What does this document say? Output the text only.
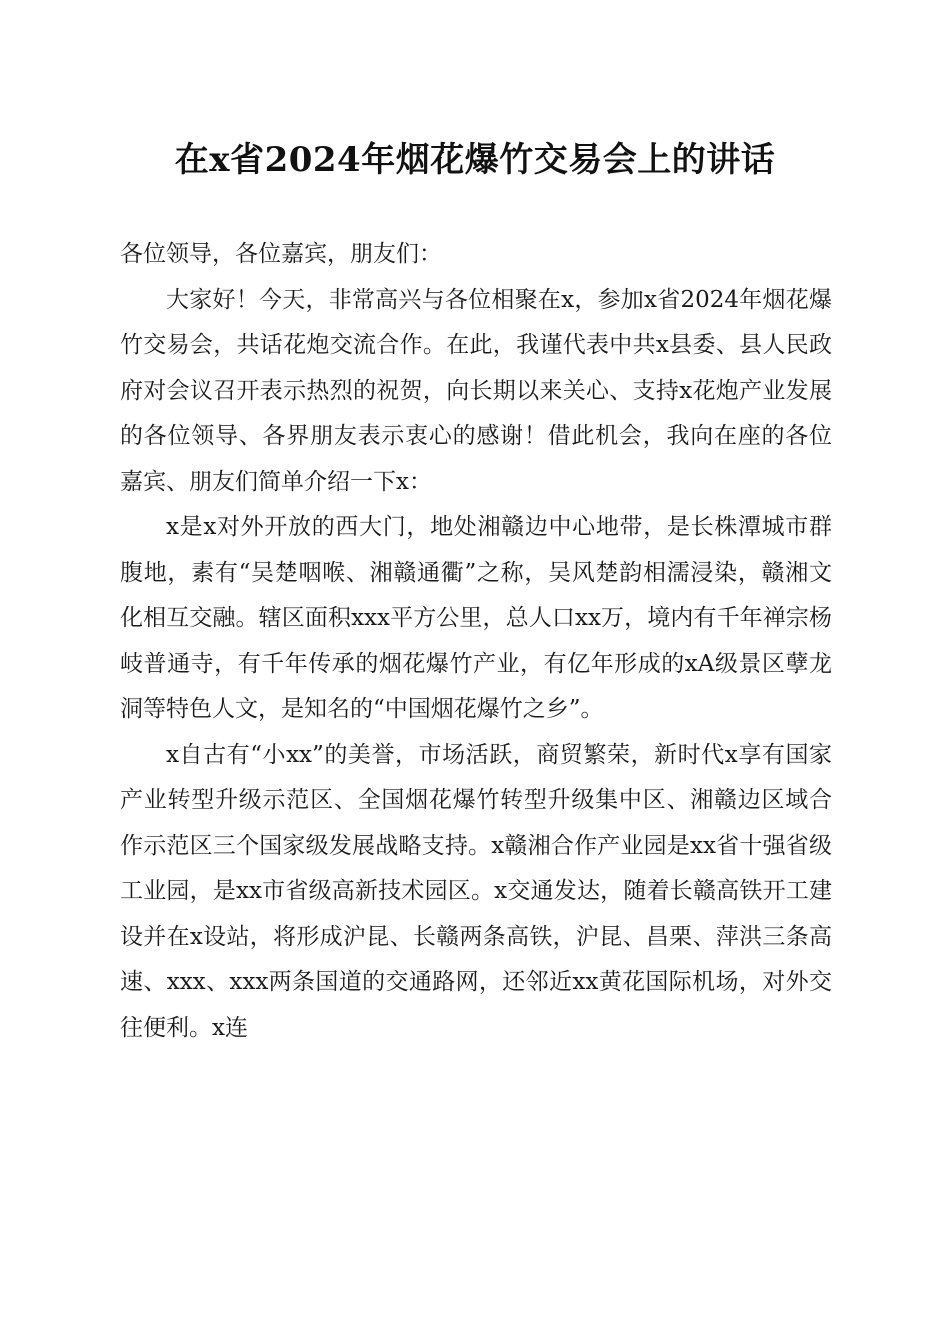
在x省2024年烟花爆竹交易会上的讲话

各位领导，各位嘉宾，朋友们：

大家好！今天，非常高兴与各位相聚在x，参加x省2024年烟花爆竹交易会，共话花炮交流合作。在此，我谨代表中共x县委、县人民政府对会议召开表示热烈的祝贺，向长期以来关心、支持x花炮产业发展的各位领导、各界朋友表示衷心的感谢！借此机会，我向在座的各位嘉宾、朋友们简单介绍一下x：

x是x对外开放的西大门，地处湘赣边中心地带，是长株潭城市群腹地，素有“吴楚咽喉、湘赣通衢”之称，吴风楚韵相濡浸染，赣湘文化相互交融。辖区面积xxx平方公里，总人口xx万，境内有千年禅宗杨岐普通寺，有千年传承的烟花爆竹产业，有亿年形成的xA级景区孽龙洞等特色人文，是知名的“中国烟花爆竹之乡”。

x自古有“小xx”的美誉，市场活跃，商贸繁荣，新时代x享有国家产业转型升级示范区、全国烟花爆竹转型升级集中区、湘赣边区域合作示范区三个国家级发展战略支持。x赣湘合作产业园是xx省十强省级工业园，是xx市省级高新技术园区。x交通发达，随着长赣高铁开工建设并在x设站，将形成沪昆、长赣两条高铁，沪昆、昌栗、萍洪三条高速、xxx、xxx两条国道的交通路网，还邻近xx黄花国际机场，对外交往便利。x连
